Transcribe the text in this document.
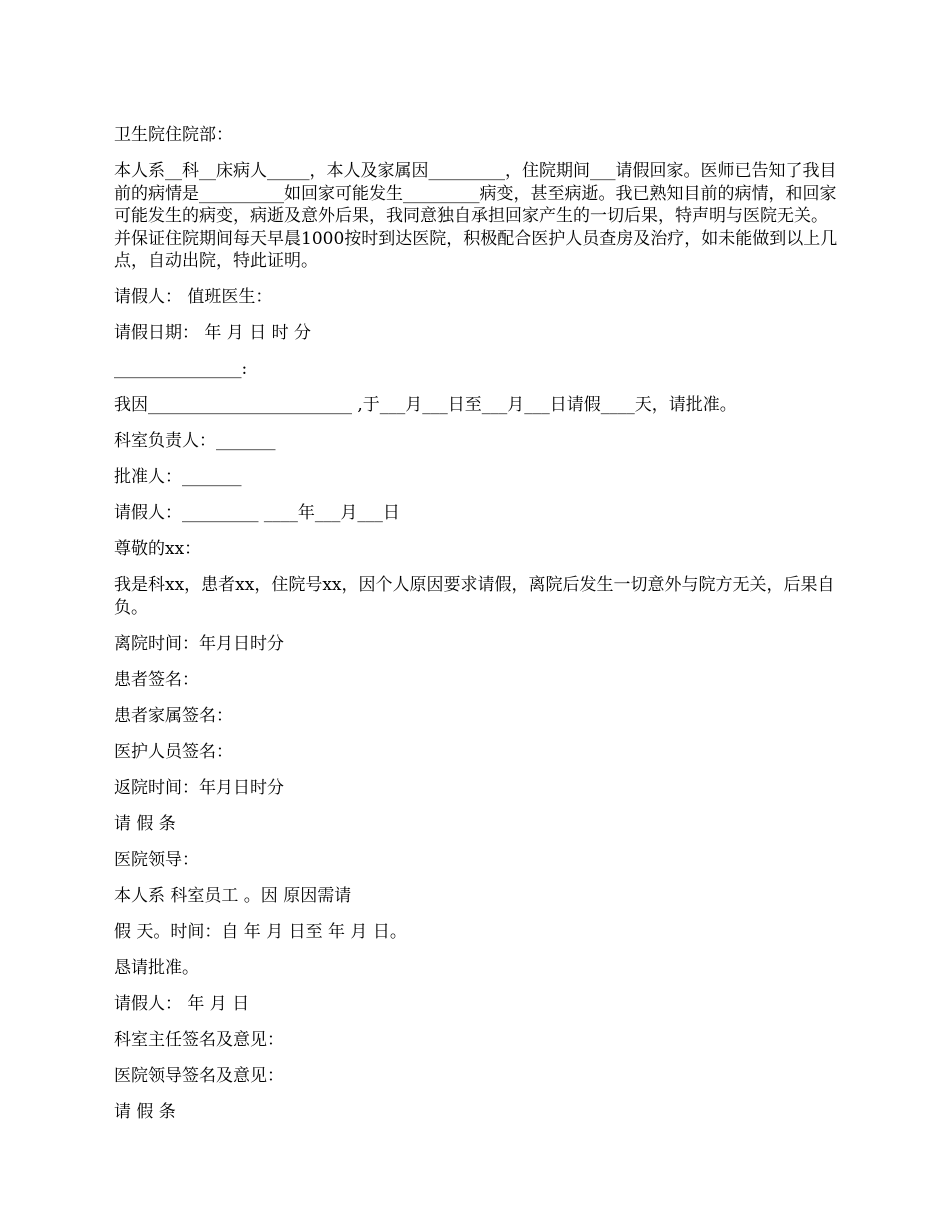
卫生院住院部：

本人系__科__床病人_____，本人及家属因_________，住院期间___请假回家。医师已告知了我目前的病情是__________如回家可能发生_________病变，甚至病逝。我已熟知目前的病情，和回家可能发生的病变，病逝及意外后果，我同意独自承担回家产生的一切后果，特声明与医院无关。并保证住院期间每天早晨1000按时到达医院，积极配合医护人员查房及治疗，如未能做到以上几点，自动出院，特此证明。

请假人： 值班医生：

请假日期： 年 月 日 时 分

_______________:

我因________________________ ,于___月___日至___月___日请假____天，请批准。

科室负责人：_______

批准人：_______

请假人：_________ ____年___月___日

尊敬的xx：

我是科xx，患者xx，住院号xx，因个人原因要求请假，离院后发生一切意外与院方无关，后果自负。

离院时间：年月日时分

患者签名：

患者家属签名：

医护人员签名：

返院时间：年月日时分

请 假 条

医院领导：

本人系 科室员工 。因 原因需请

假 天。时间：自 年 月 日至 年 月 日。

恳请批准。

请假人： 年 月 日

科室主任签名及意见：

医院领导签名及意见：

请 假 条
